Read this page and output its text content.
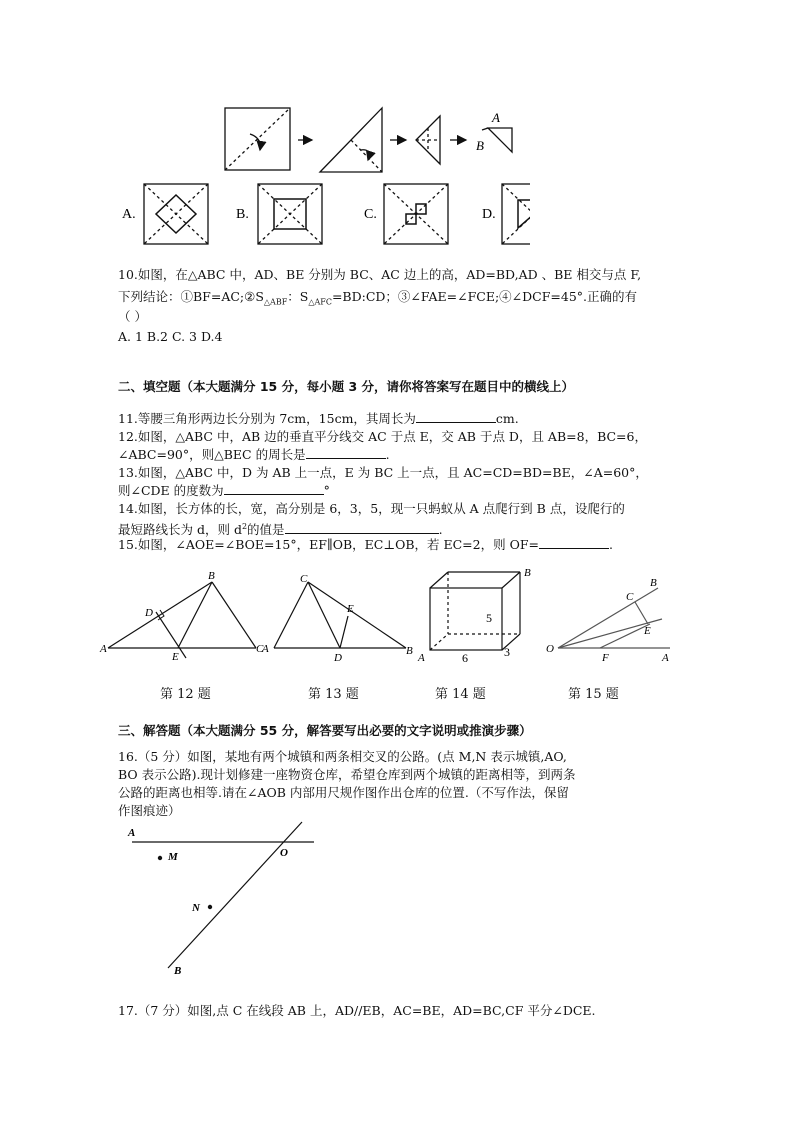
A
B
A.	B.	C.	D.
10.如图，在△ABC 中，AD、BE 分别为 BC、AC 边上的高，AD=BD,AD 、BE 相交与点 F,
下列结论：$①BF=AC;②S_{\triangle ABF}$：$S_{\triangle AFC}=BD:CD$；③∠FAE=∠FCE;④∠DCF=45°.正确的有
（ ）
A. 1 B.2 C. 3 D.4
二、填空题（本大题满分 15 分，每小题 3 分，请你将答案写在题目中的横线上）
11.等腰三角形两边长分别为 7cm，15cm，其周长为	cm.
12.如图，△ABC 中，AB 边的垂直平分线交 AC 于点 E，交 AB 于点 D，且 AB=8，BC=6，
∠ABC=90°，则△BEC 的周长是	.
13.如图，△ABC 中，D 为 AB 上一点，E 为 BC 上一点，且 AC=CD=BD=BE，∠A=60°，
则∠CDE 的度数为	°
14.如图，长方体的长，宽，高分别是 6，3，5，现一只蚂蚁从 A 点爬行到 B 点，设爬行的
最短路线长为 d，则 $d^2$的值是	.
15.如图，∠AOE=∠BOE=15°，EF∥OB，EC⊥OB，若 EC=2，则 OF=	.
A
B
C
D
E
第 12 题
A	B
C
D
E
第 13 题
A
B
5
6	3
第 14 题
O
A
B
C
E
F
第 15 题
三、解答题（本大题满分 55 分，解答要写出必要的文字说明或推演步骤）
16.（5 分）如图，某地有两个城镇和两条相交叉的公路。(点 M,N 表示城镇,AO,
BO 表示公路).现计划修建一座物资仓库，希望仓库到两个城镇的距离相等，到两条
公路的距离也相等.请在∠AOB 内部用尺规作图作出仓库的位置.（不写作法，保留
作图痕迹）
A
O
M
N
B
17.（7 分）如图,点 C 在线段 AB 上，AD//EB，AC=BE，AD=BC,CF 平分∠DCE.
